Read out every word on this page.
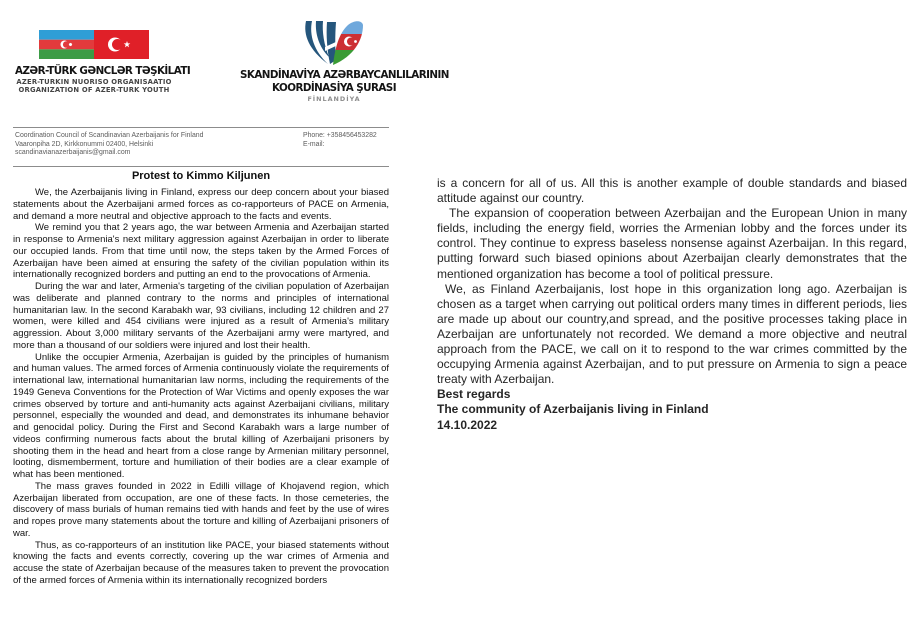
AZƏR-TÜRK GƏNCLƏR TƏŞKİLATI
AZER-TURKIN NUORISO ORGANISAATIO
ORGANIZATION OF AZER-TURK YOUTH
SKANDİNAVİYA AZƏRBAYCANLILARININ
KOORDİNASİYA ŞURASI
FİNLANDİYA
Coordination Council of Scandinavian Azerbaijanis for Finland
Vaaronpiha 2D, Kirkkonummi 02400, Helsinki
scandinavianazerbaijanis@gmail.com
Phone: +358456453282
E-mail:
Protest to Kimmo Kiljunen

We, the Azerbaijanis living in Finland, express our deep concern about your biased statements about the Azerbaijani armed forces as co-rapporteurs of PACE on Armenia, and demand a more neutral and objective approach to the facts and events.

We remind you that 2 years ago, the war between Armenia and Azerbaijan started in response to Armenia's next military aggression against Azerbaijan in order to liberate our occupied lands. From that time until now, the steps taken by the Armed Forces of Azerbaijan have been aimed at ensuring the safety of the civilian population within its internationally recognized borders and putting an end to the provocations of Armenia.

During the war and later, Armenia's targeting of the civilian population of Azerbaijan was deliberate and planned contrary to the norms and principles of international humanitarian law. In the second Karabakh war, 93 civilians, including 12 children and 27 women, were killed and 454 civilians were injured as a result of Armenia's military aggression. About 3,000 military servants of the Azerbaijani army were martyred, and more than a thousand of our soldiers were injured and lost their health.

Unlike the occupier Armenia, Azerbaijan is guided by the principles of humanism and human values. The armed forces of Armenia continuously violate the requirements of international law, international humanitarian law norms, including the requirements of the 1949 Geneva Conventions for the Protection of War Victims and openly exposes the war crimes observed by torture and anti-humanity acts against Azerbaijani civilians, military personnel, especially the wounded and dead, and demonstrates its inhumane behavior and genocidal policy. During the First and Second Karabakh wars a large number of videos confirming numerous facts about the brutal killing of Azerbaijani prisoners by shooting them in the head and heart from a close range by Armenian military personnel, looting, dismemberment, torture and humiliation of their bodies are a clear example of what has been mentioned.

The mass graves founded in 2022 in Edilli village of Khojavend region, which Azerbaijan liberated from occupation, are one of these facts. In those cemeteries, the discovery of mass burials of human remains tied with hands and feet by the use of wires and ropes prove many statements about the torture and killing of Azerbaijani prisoners of war.

Thus, as co-rapporteurs of an institution like PACE, your biased statements without knowing the facts and events correctly, covering up the war crimes of Armenia and accuse the state of Azerbaijan because of the measures taken to prevent the provocation of the armed forces of Armenia within its internationally recognized borders

is a concern for all of us. All this is another example of double standards and biased attitude against our country.

The expansion of cooperation between Azerbaijan and the European Union in many fields, including the energy field, worries the Armenian lobby and the forces under its control. They continue to express baseless nonsense against Azerbaijan. In this regard, putting forward such biased opinions about Azerbaijan clearly demonstrates that the mentioned organization has become a tool of political pressure.

We, as Finland Azerbaijanis, lost hope in this organization long ago. Azerbaijan is chosen as a target when carrying out political orders many times in different periods, lies are made up about our country,and spread, and the positive processes taking place in Azerbaijan are unfortunately not recorded. We demand a more objective and neutral approach from the PACE, we call on it to respond to the war crimes committed by the occupying Armenia against Azerbaijan, and to put pressure on Armenia to sign a peace treaty with Azerbaijan.

Best regards

The community of Azerbaijanis living in Finland

14.10.2022
